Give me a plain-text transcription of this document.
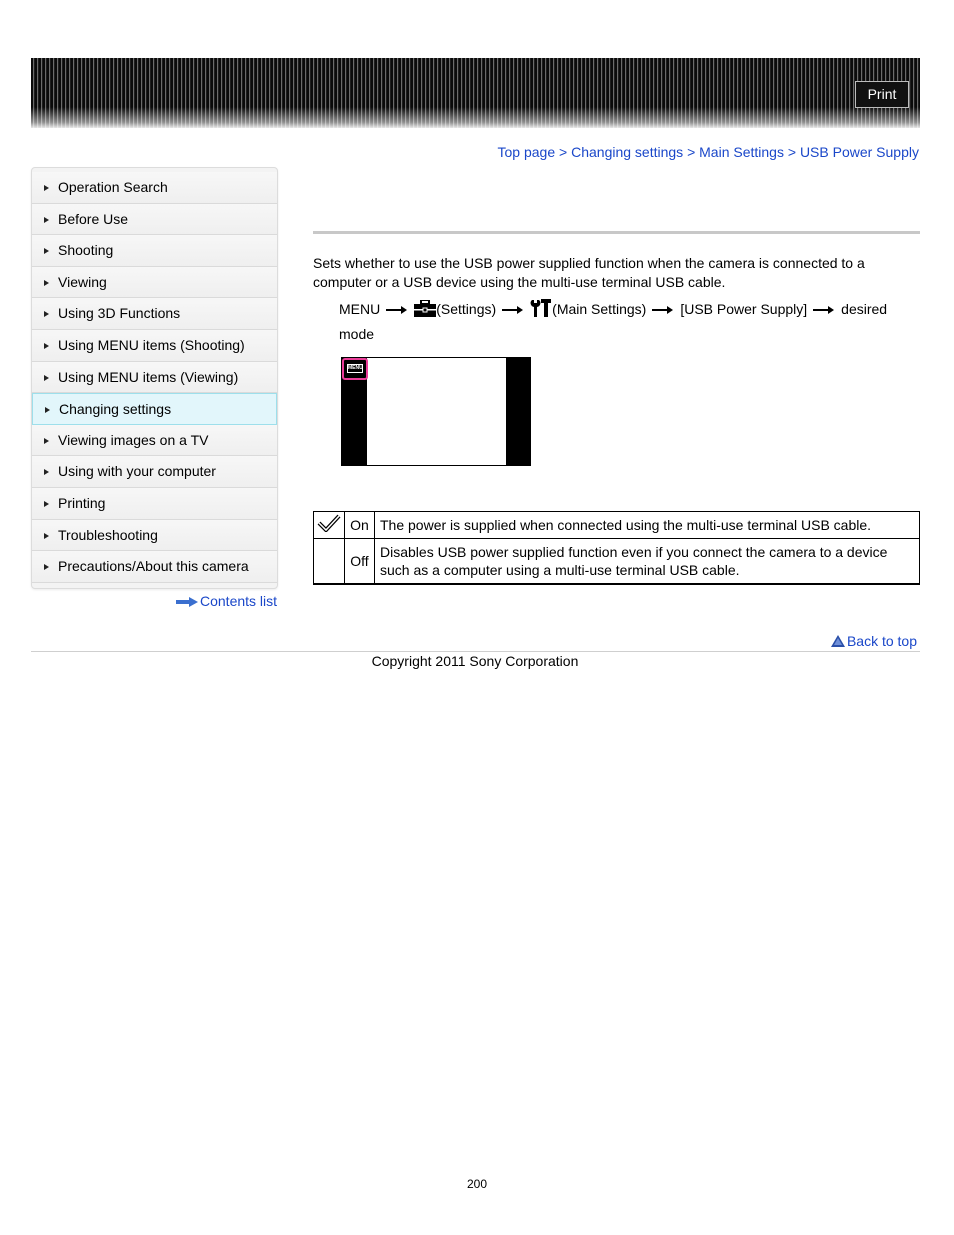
Print
Top page > Changing settings > Main Settings > USB Power Supply
Operation Search
Before Use
Shooting
Viewing
Using 3D Functions
Using MENU items (Shooting)
Using MENU items (Viewing)
Changing settings
Viewing images on a TV
Using with your computer
Printing
Troubleshooting
Precautions/About this camera
Contents list

Sets whether to use the USB power supplied function when the camera is connected to a computer or a USB device using the multi-use terminal USB cable.

MENU	(Settings)	(Main Settings) [USB Power Supply] desired mode
MENU
	On	The power is supplied when connected using the multi-use terminal USB cable.
	Off	Disables USB power supplied function even if you connect the camera to a device such as a computer using a multi-use terminal USB cable.
Back to top
Copyright 2011 Sony Corporation
200
